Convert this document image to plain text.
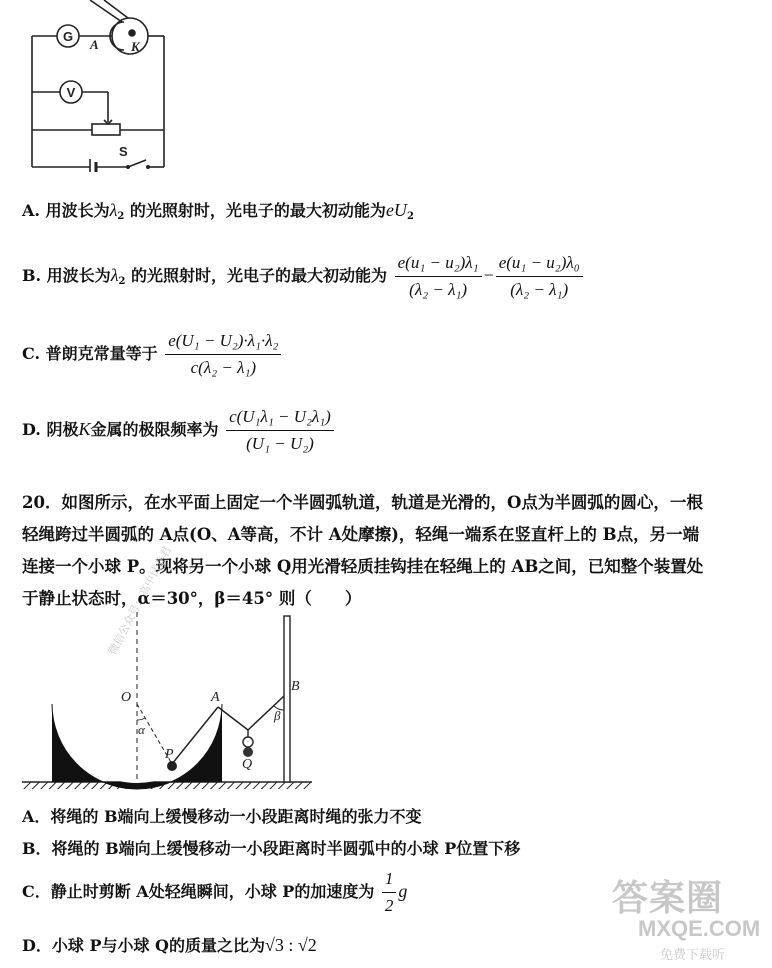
G
V
A K
S
A. 用波长为$\lambda_2$ 的光照射时，光电子的最大初动能为$eU_2$
B. 用波长为$\lambda_2$ 的光照射时，光电子的最大初动能为 $\frac{\text{e(u₁ − u₂)λ₁}}{\text{(λ₂ − λ₁)}} - \frac{\text{e(u₁ − u₂)λ₀}}{\text{(λ₂ − λ₁)}}$
C. 普朗克常量等于 $\frac{\text{e(U₁ − U₂)·λ₁·λ₂}}{\text{c(λ₂ − λ₁)}}$
D. 阴极K金属的极限频率为 $\frac{\text{c(U₁λ₁ − U₂λ₁)}}{\text{(U₁ − U₂)}}$

20．如图所示，在水平面上固定一个半圆弧轨道，轨道是光滑的，O点为半圆弧的圆心，一根

轻绳跨过半圆弧的 A点(O、A等高，不计 A处摩擦)，轻绳一端系在竖直杆上的 B点，另一端

连接一个小球 P。现将另一个小球 Q用光滑轻质挂钩挂在轻绳上的 AB之间，已知整个装置处

于静止状态时，α＝30°，β＝45° 则（　　）

微信公众号：高中试卷君
O	A
B
P
Q
α
β
A．将绳的 B端向上缓慢移动一小段距离时绳的张力不变
B．将绳的 B端向上缓慢移动一小段距离时半圆弧中的小球 P位置下移
C．静止时剪断 A处轻绳瞬间，小球 P的加速度为 $\frac{1}{2}$ g
D．小球 P与小球 Q的质量之比为√3 : √2
答案圈
MXQE.COM
免费下载听
